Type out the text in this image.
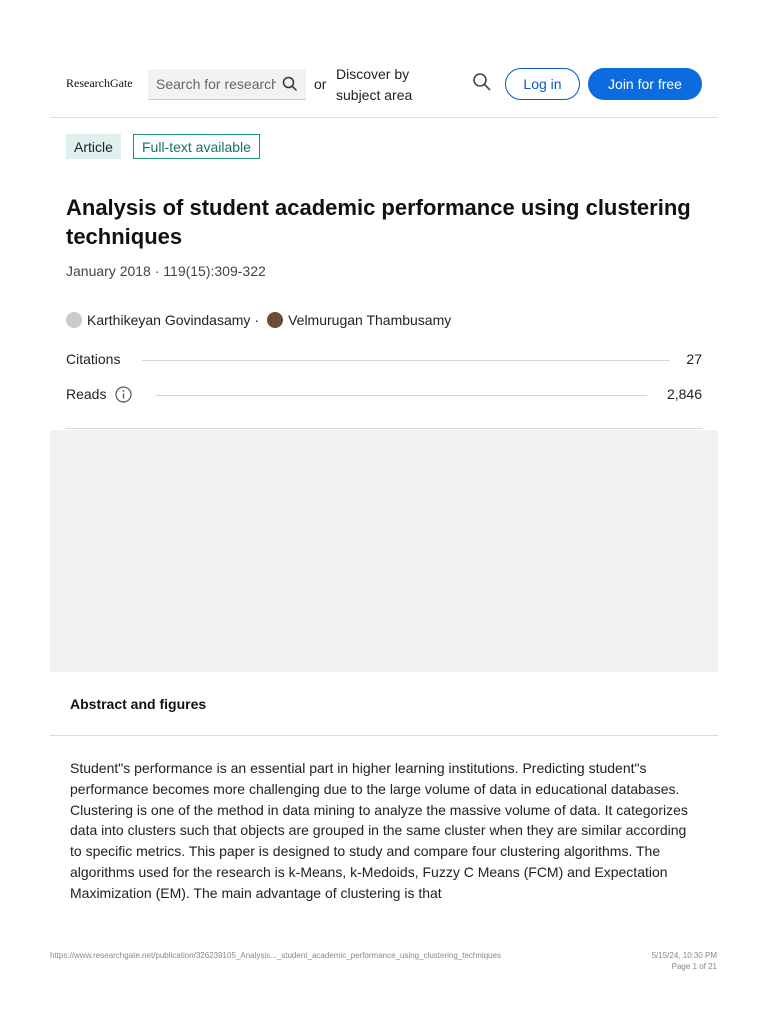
ResearchGate
Search for research	or
Discover by subject area
Log in	Join for free
Article	Full-text available
Analysis of student academic performance using clustering techniques
January 2018 · 119(15):309-322
Karthikeyan Govindasamy · Velmurugan Thambusamy
Citations	27
Reads	2,846
Abstract and figures

Student"s performance is an essential part in higher learning institutions. Predicting student"s performance becomes more challenging due to the large volume of data in educational databases. Clustering is one of the method in data mining to analyze the massive volume of data. It categorizes data into clusters such that objects are grouped in the same cluster when they are similar according to specific metrics. This paper is designed to study and compare four clustering algorithms. The algorithms used for the research is k-Means, k-Medoids, Fuzzy C Means (FCM) and Expectation Maximization (EM). The main advantage of clustering is that

https://www.researchgate.net/publication/326239105_Analysis..._student_academic_performance_using_clustering_techniques	5/15/24, 10:30 PM
Page 1 of 21
